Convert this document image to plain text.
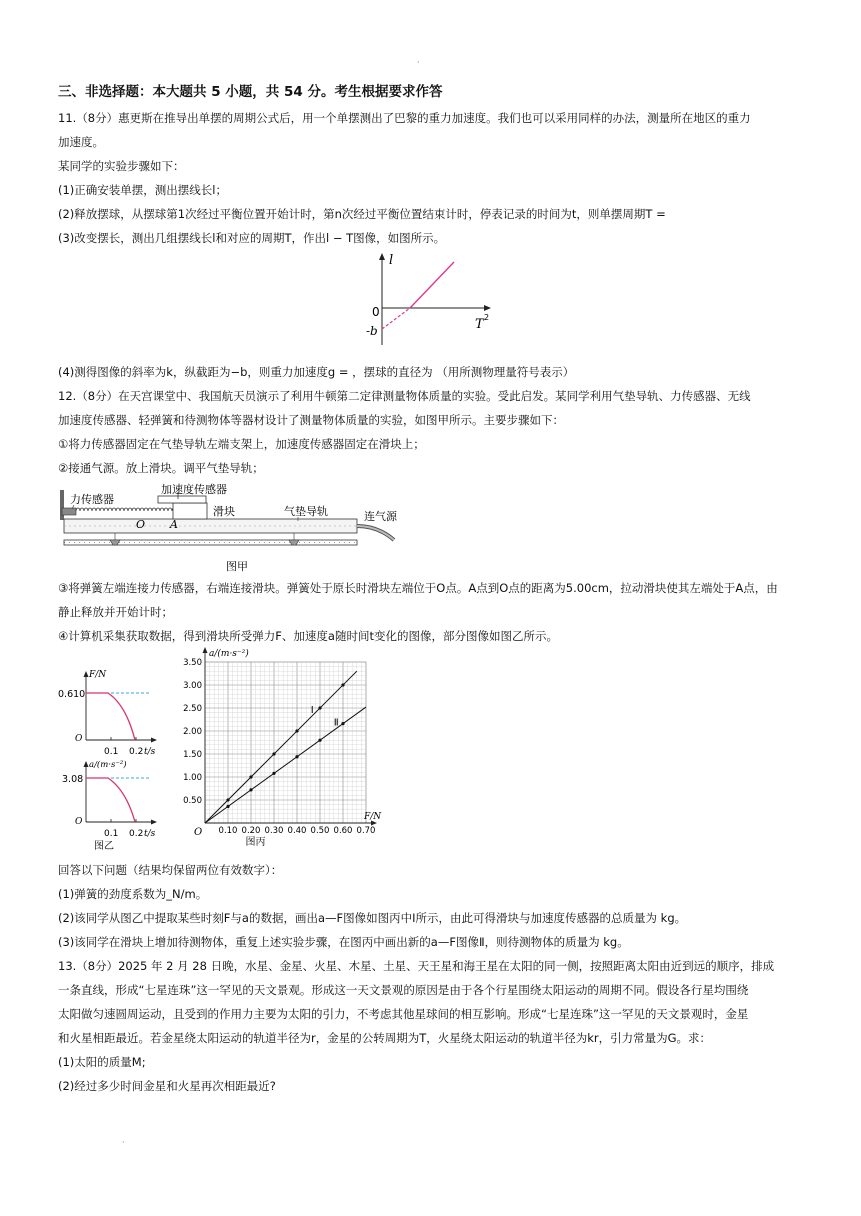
·
三、非选择题：本大题共 5 小题，共 54 分。考生根据要求作答
11.（8分）惠更斯在推导出单摆的周期公式后，用一个单摆测出了巴黎的重力加速度。我们也可以采用同样的办法，测量所在地区的重力
加速度。
某同学的实验步骤如下：
(1)正确安装单摆，测出摆线长l；
(2)释放摆球，从摆球第1次经过平衡位置开始计时，第n次经过平衡位置结束计时，停表记录的时间为t，则单摆周期T =
(3)改变摆长，测出几组摆线长l和对应的周期T，作出l − T图像，如图所示。
l
0
-b	T 2
(4)测得图像的斜率为k，纵截距为−b，则重力加速度g = ，摆球的直径为 （用所测物理量符号表示）
12.（8分）在天宫课堂中、我国航天员演示了利用牛顿第二定律测量物体质量的实验。受此启发。某同学利用气垫导轨、力传感器、无线
加速度传感器、轻弹簧和待测物体等器材设计了测量物体质量的实验，如图甲所示。主要步骤如下：
①将力传感器固定在气垫导轨左端支架上，加速度传感器固定在滑块上；
②接通气源。放上滑块。调平气垫导轨；
力传感器
加速度传感器
滑块	气垫导轨	连气源
O A
图甲
③将弹簧左端连接力传感器，右端连接滑块。弹簧处于原长时滑块左端位于O点。A点到O点的距离为5.00cm，拉动滑块使其左端处于A点，由
静止释放并开始计时；
④计算机采集获取数据，得到滑块所受弹力F、加速度a随时间t变化的图像，部分图像如图乙所示。
F/N
0.610
O
0.1 0.2 t/s
a/(m·s⁻²)
3.08
O
0.1 0.2 t/s
图乙
0.50
1.00
1.50
2.00
2.50
3.00
3.50
0.10 0.20 0.30 0.40 0.50 0.60 0.70
a/(m·s⁻²)
F/N
O
I
Ⅱ
图丙
回答以下问题（结果均保留两位有效数字）：
(1)弹簧的劲度系数为_N/m。
(2)该同学从图乙中提取某些时刻F与a的数据，画出a—F图像如图丙中I所示，由此可得滑块与加速度传感器的总质量为 kg。
(3)该同学在滑块上增加待测物体，重复上述实验步骤，在图丙中画出新的a—F图像Ⅱ，则待测物体的质量为 kg。
13.（8分）2025 年 2 月 28 日晚，水星、金星、火星、木星、土星、天王星和海王星在太阳的同一侧，按照距离太阳由近到远的顺序，排成
一条直线，形成“七星连珠”这一罕见的天文景观。形成这一天文景观的原因是由于各个行星围绕太阳运动的周期不同。假设各行星均围绕
太阳做匀速圆周运动，且受到的作用力主要为太阳的引力，不考虑其他星球间的相互影响。形成“七星连珠”这一罕见的天文景观时，金星
和火星相距最近。若金星绕太阳运动的轨道半径为r，金星的公转周期为T，火星绕太阳运动的轨道半径为kr，引力常量为G。求：
(1)太阳的质量M;
(2)经过多少时间金星和火星再次相距最近?
·
